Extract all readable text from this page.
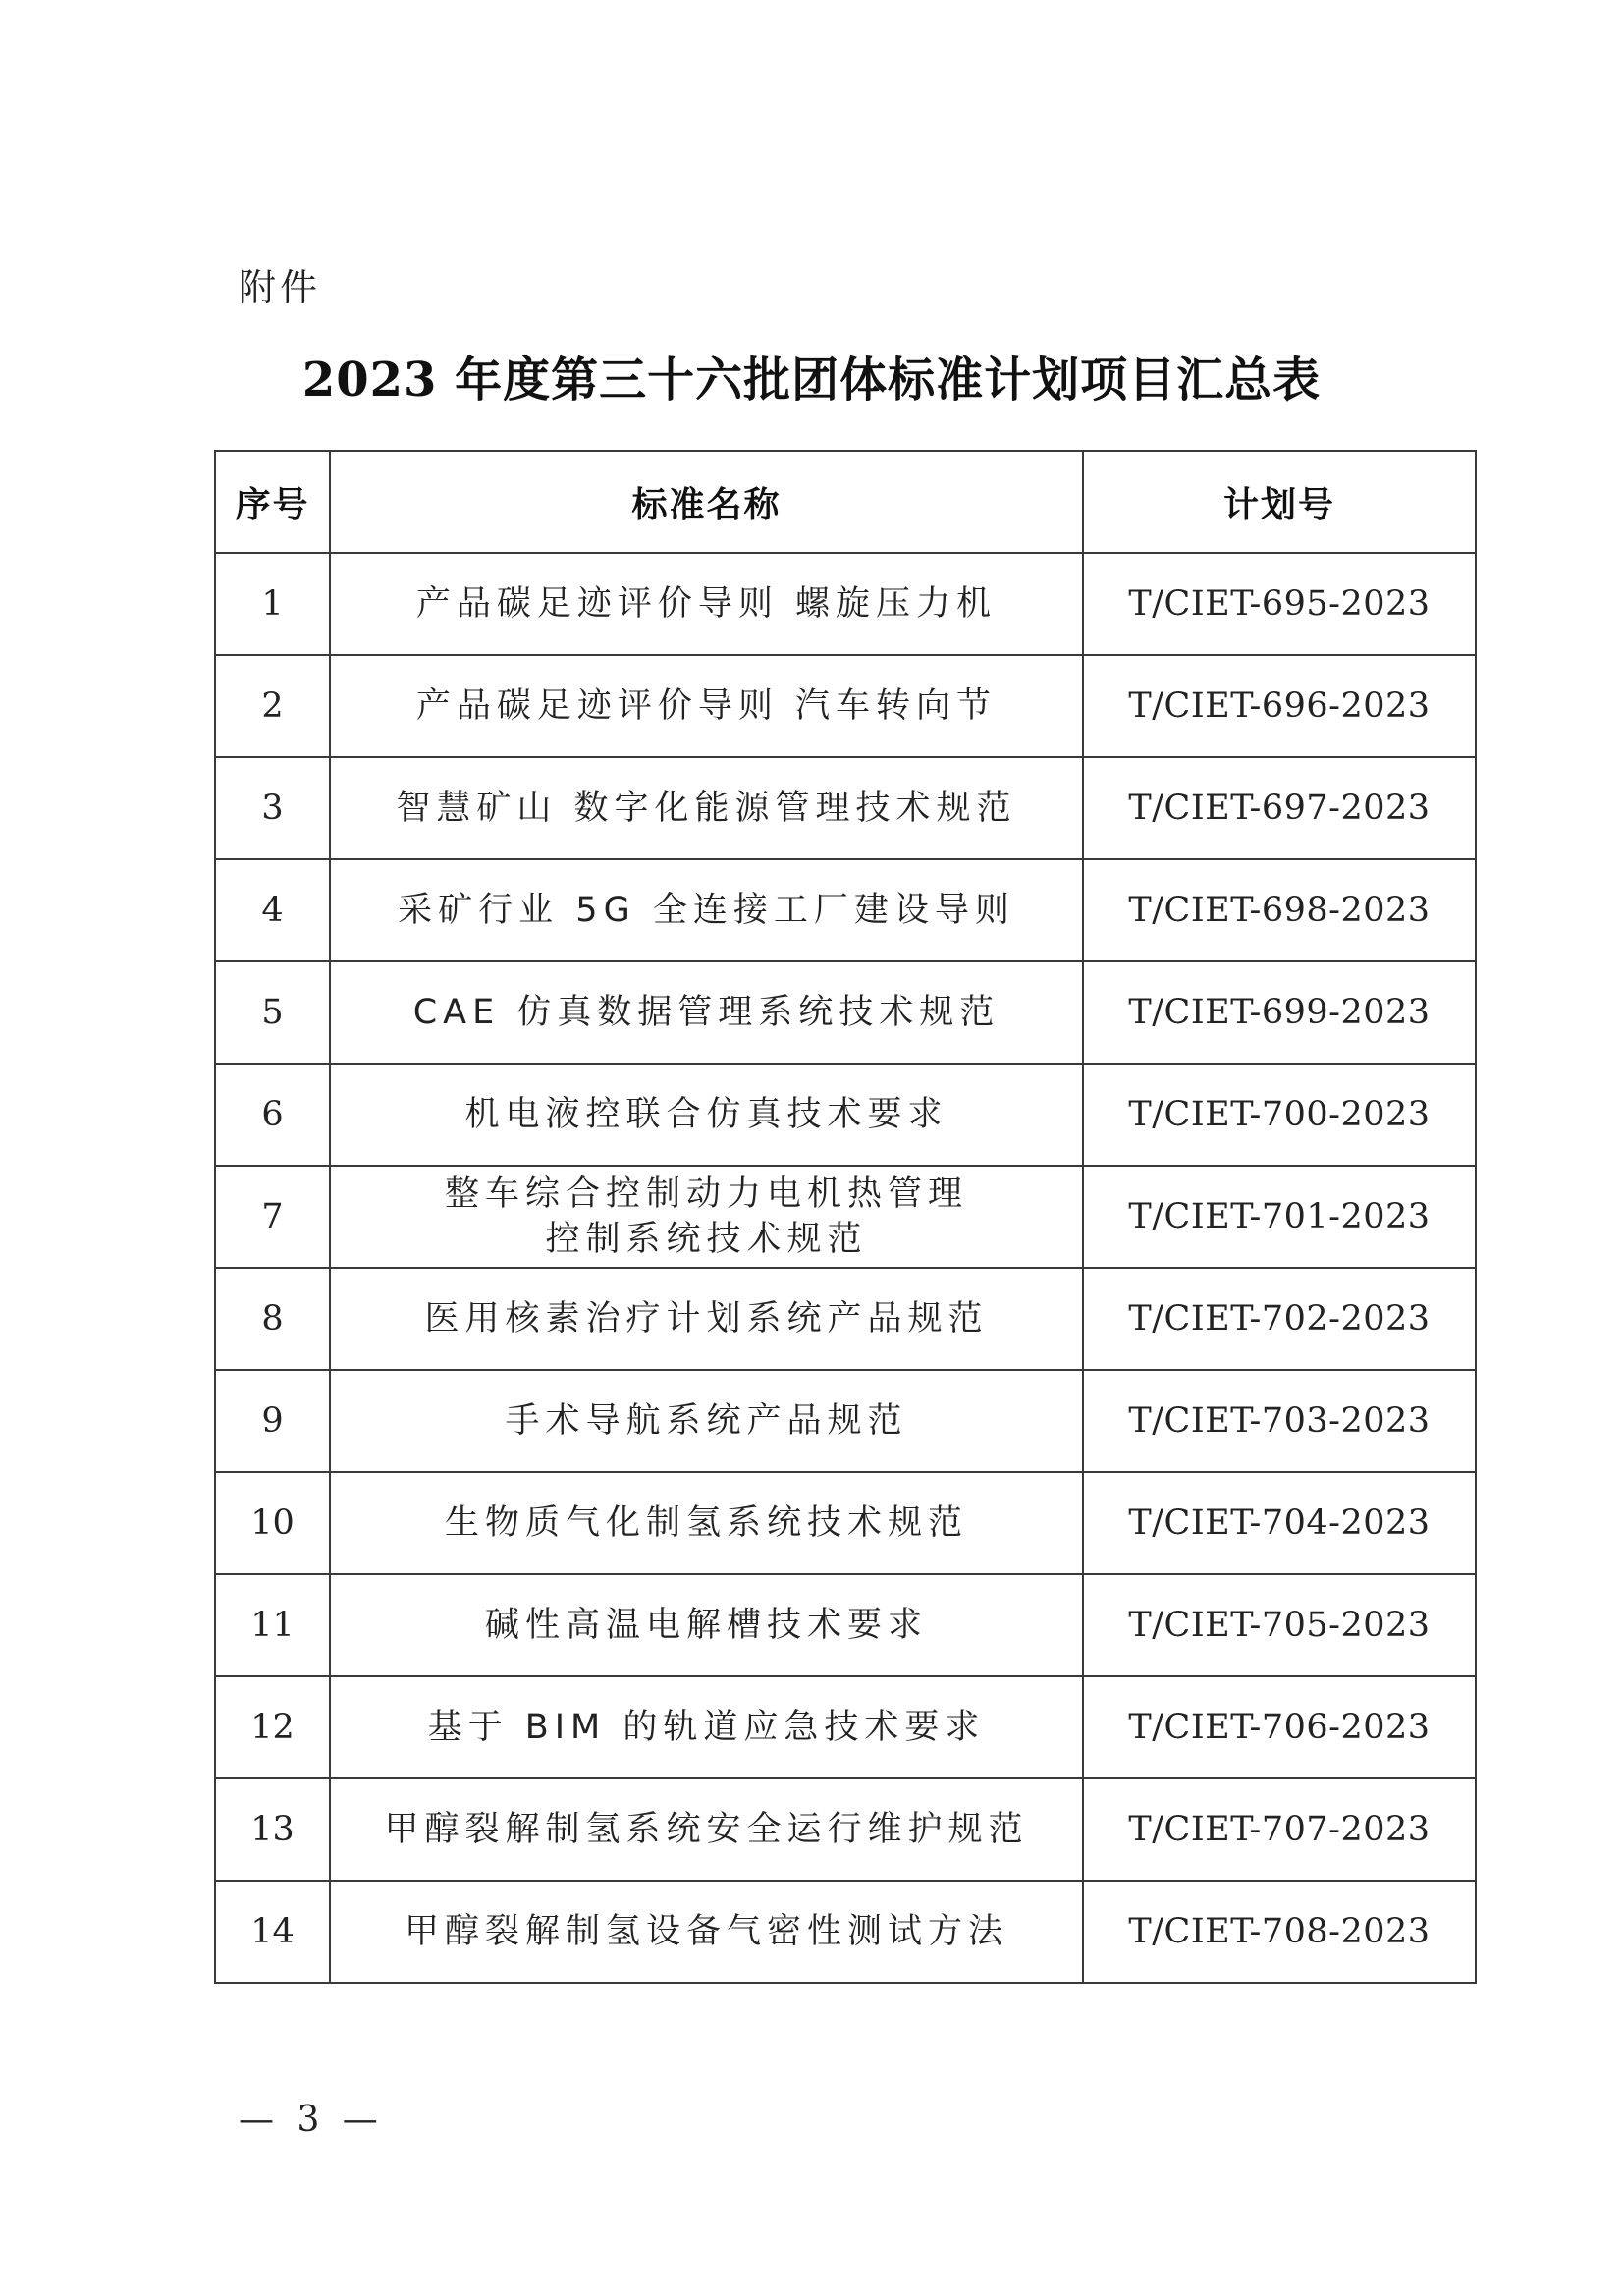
附件
2023 年度第三十六批团体标准计划项目汇总表
序号	标准名称	计划号
1	产品碳足迹评价导则 螺旋压力机	T/CIET-695-2023
2	产品碳足迹评价导则 汽车转向节	T/CIET-696-2023
3	智慧矿山 数字化能源管理技术规范	T/CIET-697-2023
4	采矿行业 5G 全连接工厂建设导则	T/CIET-698-2023
5	CAE 仿真数据管理系统技术规范	T/CIET-699-2023
6	机电液控联合仿真技术要求	T/CIET-700-2023
7	整车综合控制动力电机热管理
控制系统技术规范	T/CIET-701-2023
8	医用核素治疗计划系统产品规范	T/CIET-702-2023
9	手术导航系统产品规范	T/CIET-703-2023
10	生物质气化制氢系统技术规范	T/CIET-704-2023
11	碱性高温电解槽技术要求	T/CIET-705-2023
12	基于 BIM 的轨道应急技术要求	T/CIET-706-2023
13	甲醇裂解制氢系统安全运行维护规范	T/CIET-707-2023
14	甲醇裂解制氢设备气密性测试方法	T/CIET-708-2023
— 3 —
